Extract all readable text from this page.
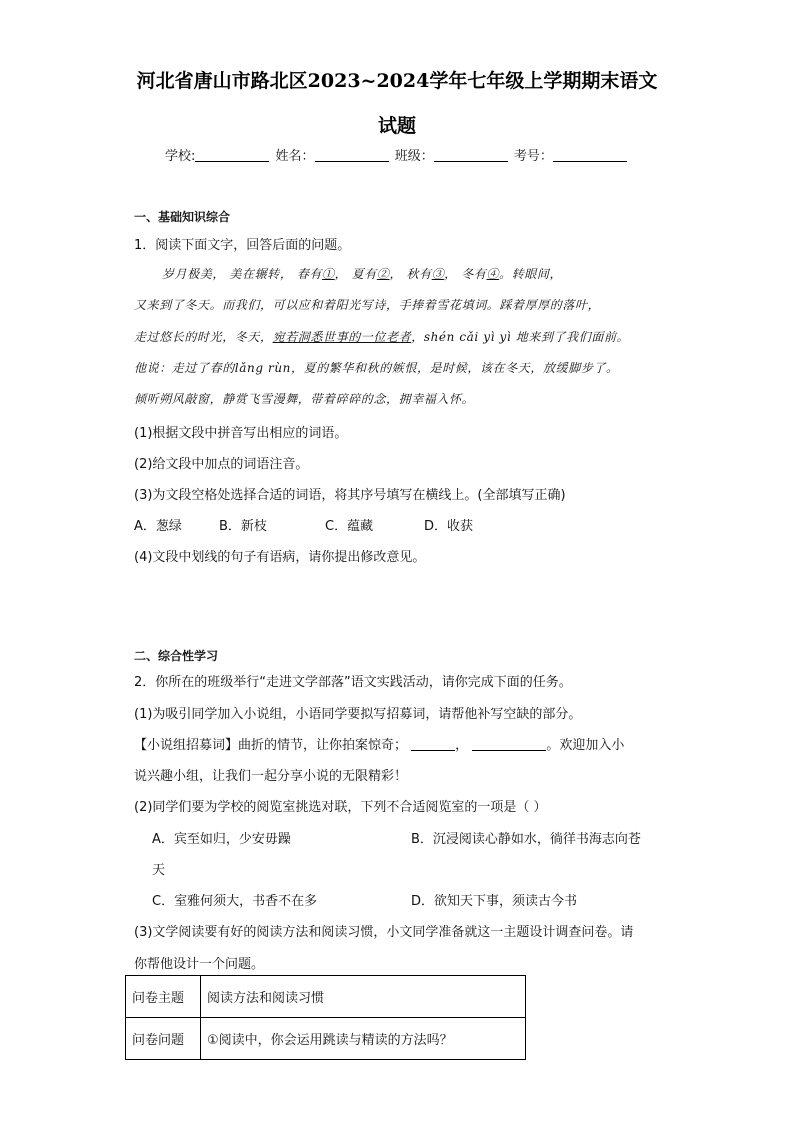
河北省唐山市路北区2023~2024学年七年级上学期期末语文
试题
学校:	姓名：	班级：	考号：
一、基础知识综合
1．阅读下面文字，回答后面的问题。
岁月极美， 美在辗转， 春有①， 夏有②， 秋有③， 冬有④。转眼间，
又来到了冬天。而我们，可以应和着阳光写诗，手捧着雪花填词。踩着厚厚的落叶，
走过悠长的时光，冬天，宛若洞悉世事的一位老者，shén cǎi yì yì 地来到了我们面前。
他说：走过了春的lǎng rùn，夏的繁华和秋的嫉恨，是时候，该在冬天，放缓脚步了。
倾听朔风敲窗，静赏飞雪漫舞，带着碎碎的念，拥幸福入怀。
(1)根据文段中拼音写出相应的词语。
(2)给文段中加点的词语注音。
(3)为文段空格处选择合适的词语，将其序号填写在横线上。(全部填写正确)
A．葱绿	B．新枝	C．蕴藏	D．收获
(4)文段中划线的句子有语病，请你提出修改意见。
二、综合性学习
2．你所在的班级举行“走进文学部落”语文实践活动，请你完成下面的任务。
(1)为吸引同学加入小说组，小语同学要拟写招募词，请帮他补写空缺的部分。
【小说组招募词】曲折的情节，让你拍案惊奇；	，	。欢迎加入小
说兴趣小组，让我们一起分享小说的无限精彩！
(2)同学们要为学校的阅览室挑选对联，下列不合适阅览室的一项是（ ）
A．宾至如归，少安毋躁	B．沉浸阅读心静如水，徜徉书海志向苍
天
C．室雅何须大，书香不在多	D．欲知天下事，须读古今书
(3)文学阅读要有好的阅读方法和阅读习惯，小文同学准备就这一主题设计调查问卷。请
你帮他设计一个问题。
问卷主题	阅读方法和阅读习惯
问卷问题	①阅读中，你会运用跳读与精读的方法吗？
